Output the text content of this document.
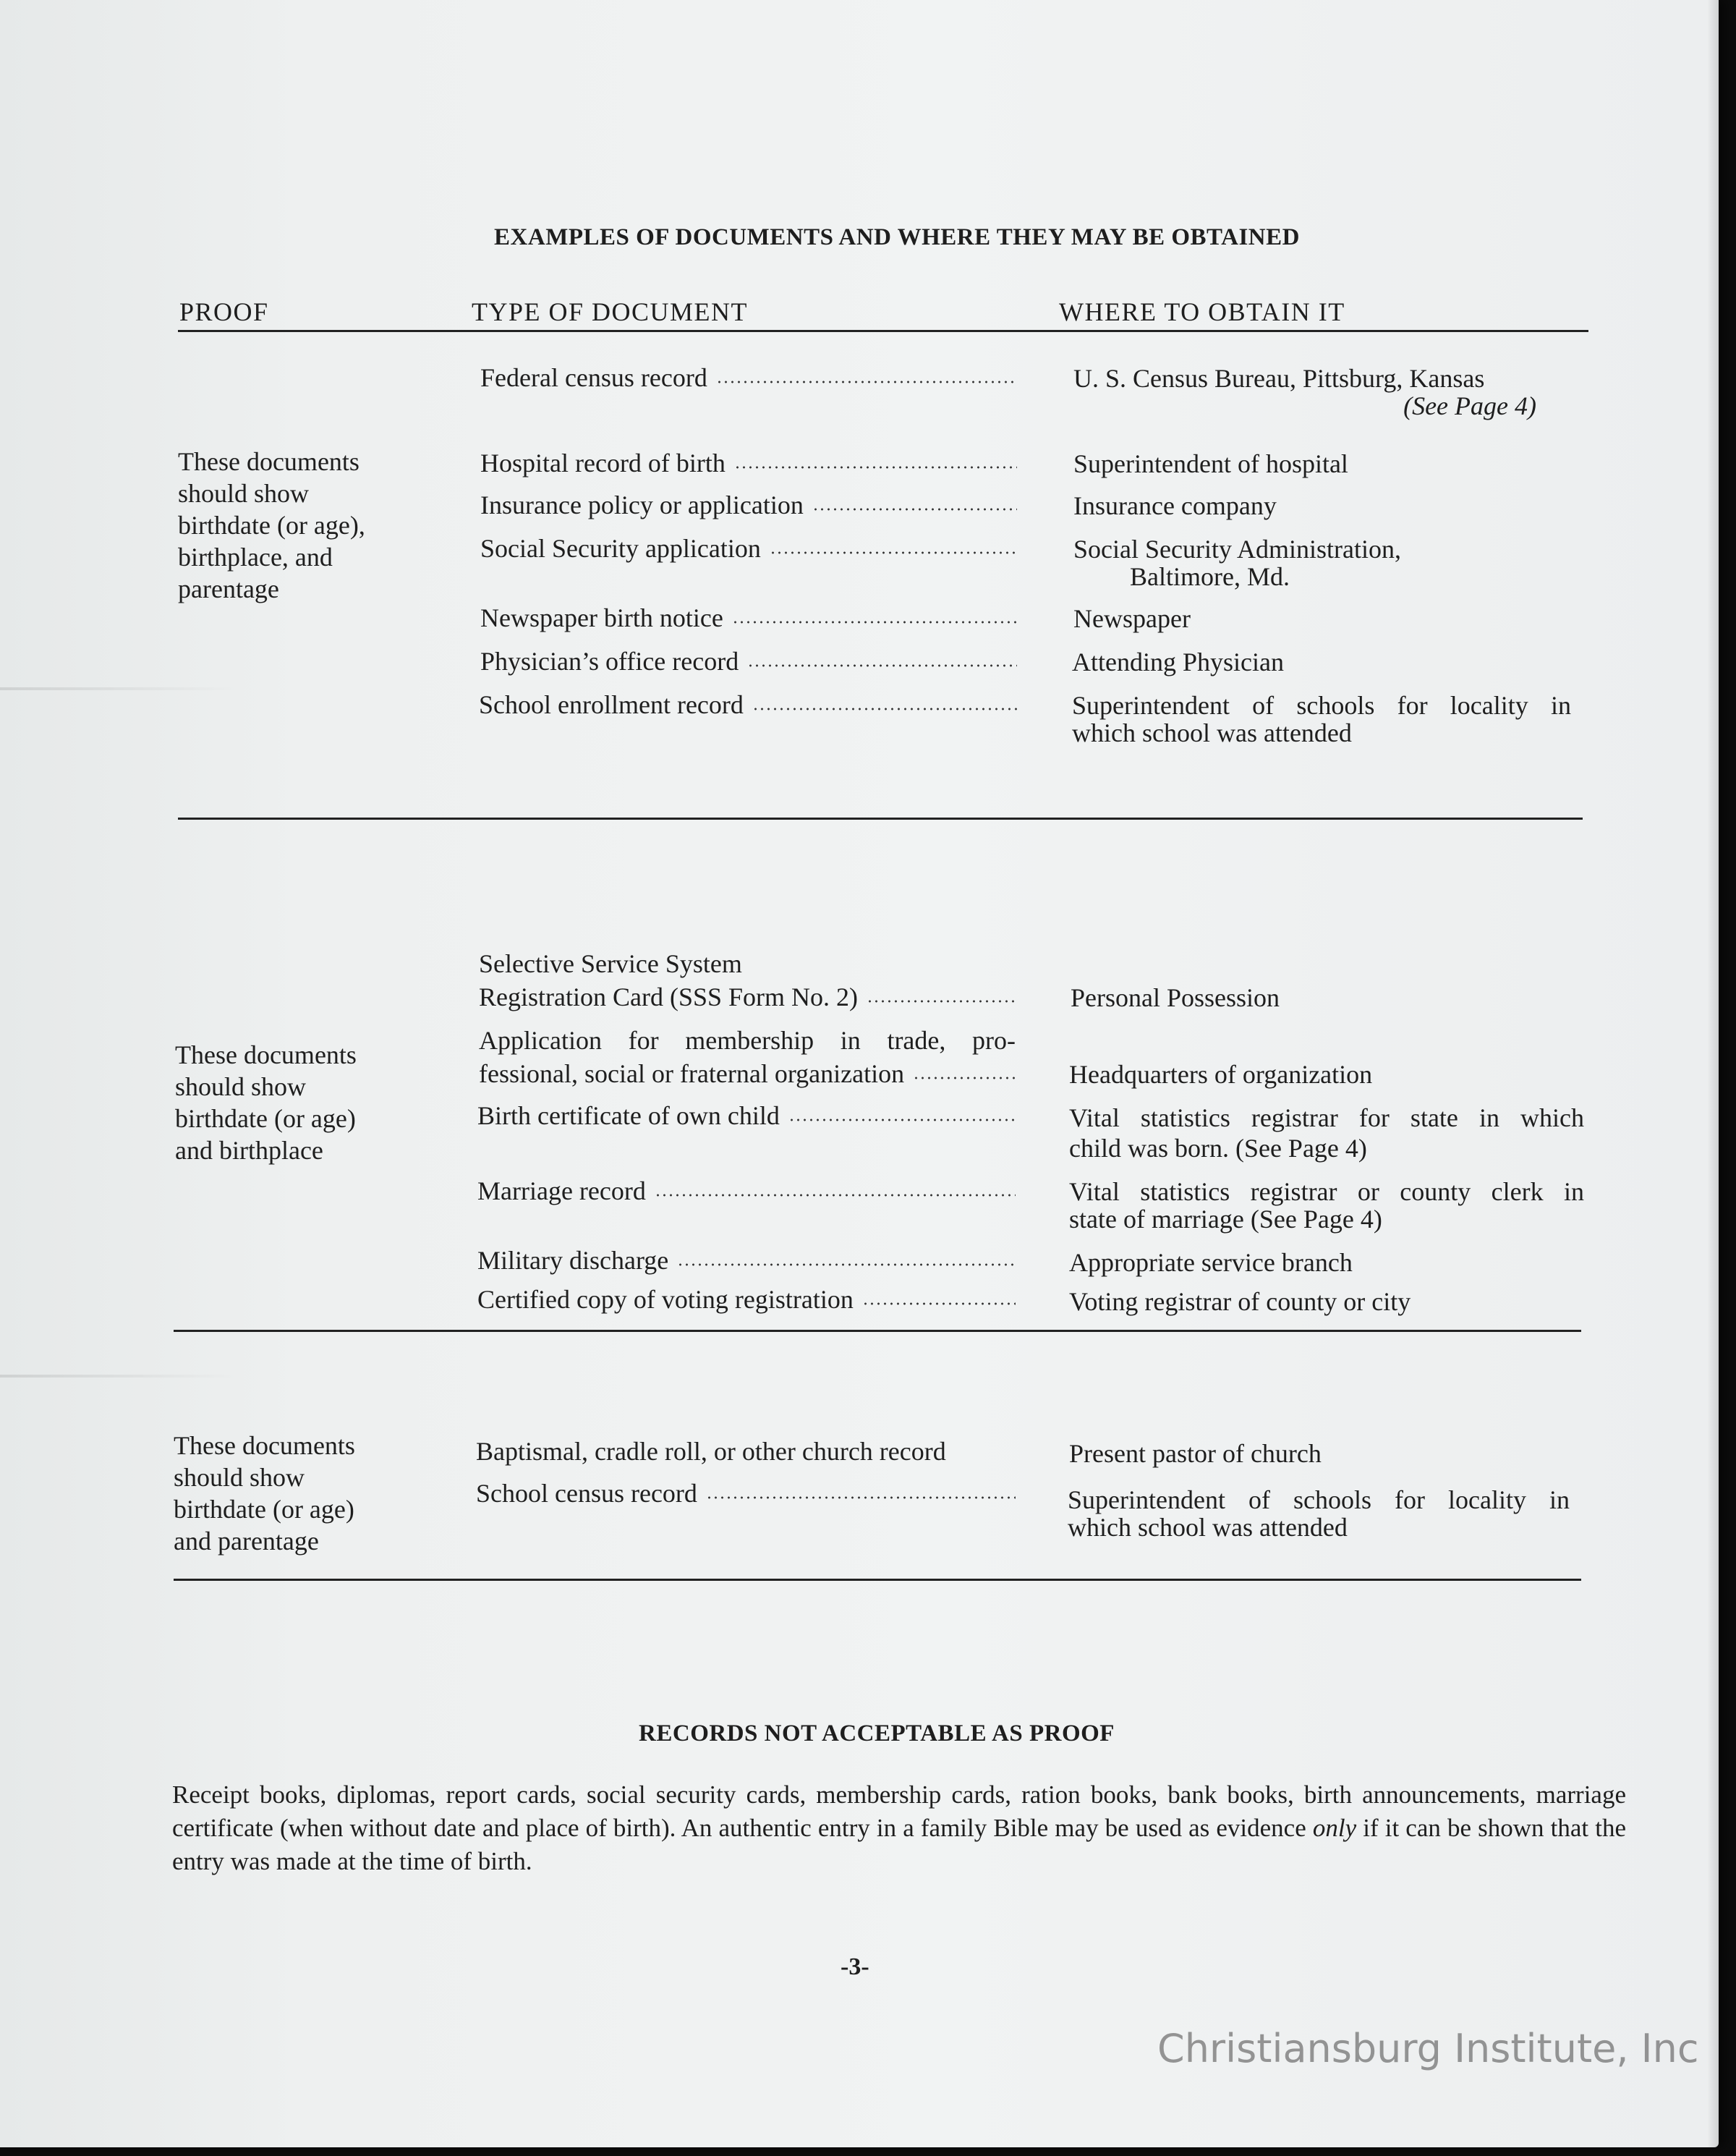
EXAMPLES OF DOCUMENTS AND WHERE THEY MAY BE OBTAINED
PROOF	TYPE OF DOCUMENT	WHERE TO OBTAIN IT
These documents
should show
birthdate (or age),
birthplace, and
parentage
Federal census record	U. S. Census Bureau, Pittsburg, Kansas
(See Page 4)
Hospital record of birth	Superintendent of hospital
Insurance policy or application	Insurance company
Social Security application	Social Security Administration,
Baltimore, Md.
Newspaper birth notice	Newspaper
Physician’s office record	Attending Physician
School enrollment record	Superintendent of schools for locality in
which school was attended
These documents
should show
birthdate (or age)
and birthplace
Selective Service System
Registration Card (SSS Form No. 2)	Personal Possession
Application for membership in trade, pro-
fessional, social or fraternal organization	Headquarters of organization
Birth certificate of own child	Vital statistics registrar for state in which
child was born. (See Page 4)
Marriage record	Vital statistics registrar or county clerk in
state of marriage (See Page 4)
Military discharge	Appropriate service branch
Certified copy of voting registration	Voting registrar of county or city
These documents
should show
birthdate (or age)
and parentage
Baptismal, cradle roll, or other church record	Present pastor of church
School census record	Superintendent of schools for locality in
which school was attended
RECORDS NOT ACCEPTABLE AS PROOF
Receipt books, diplomas, report cards, social security cards, membership cards, ration books, bank books, birth announcements, marriage certificate (when without date and place of birth). An authentic entry in a family Bible may be used as evidence only if it can be shown that the entry was made at the time of birth.
-3-
Christiansburg Institute, Inc
